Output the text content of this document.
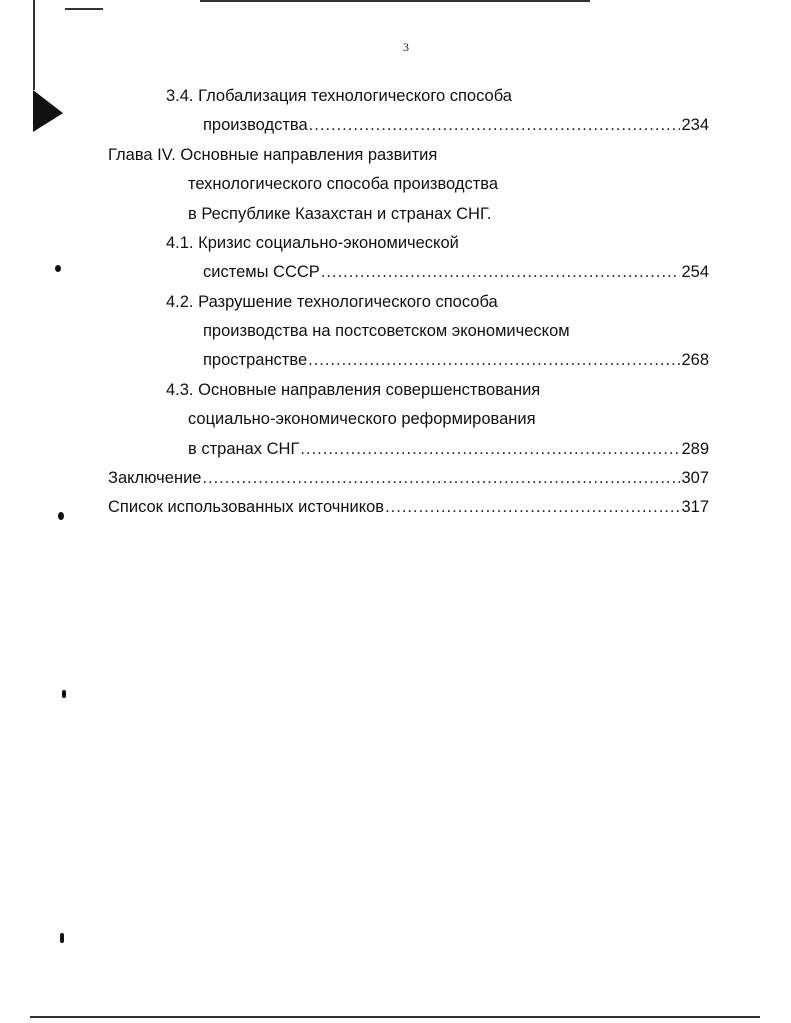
3
3.4. Глобализация технологического способа
производства .....	234
Глава IV. Основные направления развития
технологического способа производства
в Республике Казахстан и странах СНГ.
4.1. Кризис социально-экономической
системы СССР .....	254
4.2. Разрушение технологического способа
производства на постсоветском экономическом
пространстве .....	268
4.3. Основные направления совершенствования
социально-экономического реформирования
в странах СНГ .....	289
Заключение .....	307
Список использованных источников .....	317
